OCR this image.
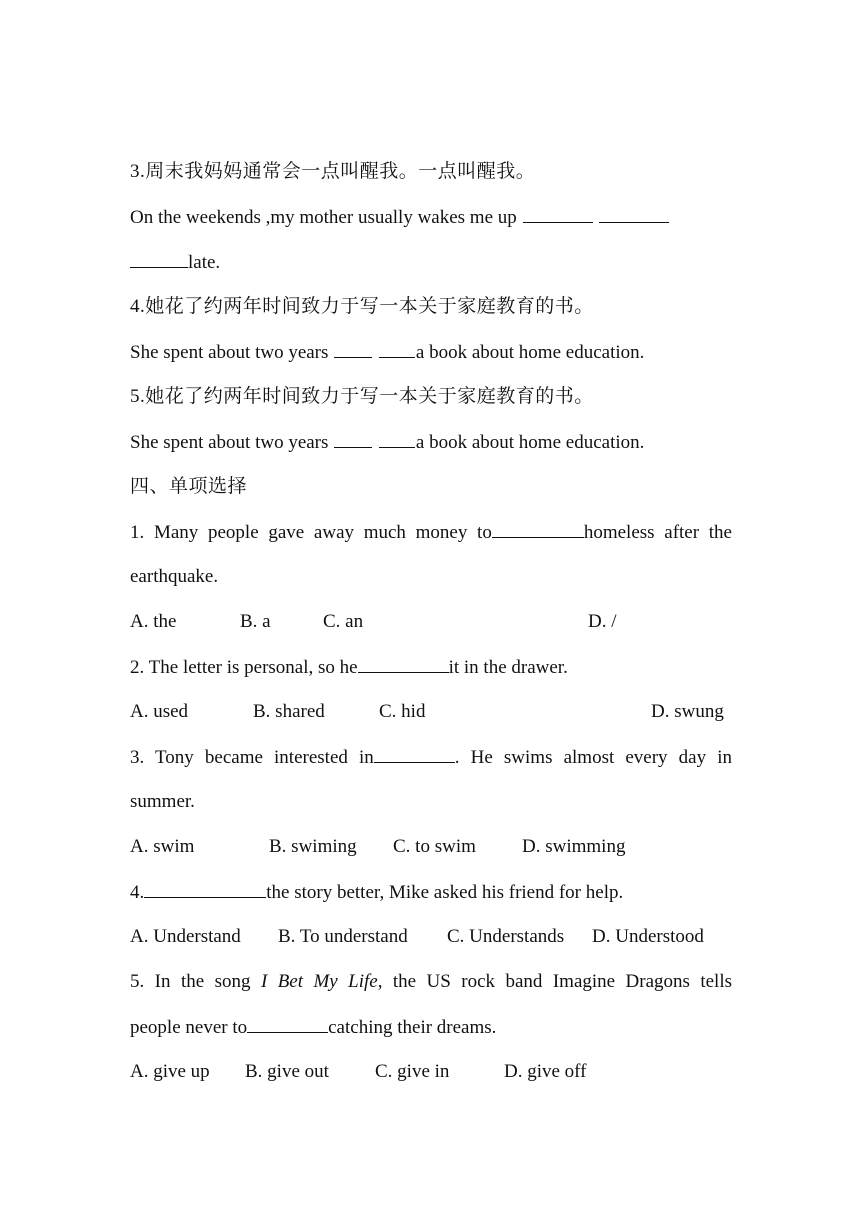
3.周末我妈妈通常会一点叫醒我。一点叫醒我。
On the weekends ,my mother usually wakes me up
late.
4.她花了约两年时间致力于写一本关于家庭教育的书。
She spent about two years	a book about home education.
5.她花了约两年时间致力于写一本关于家庭教育的书。
She spent about two years	a book about home education.
四、单项选择
1. Many people gave away much money to	homeless after the
earthquake.
A. the	B. a	C. an	D. /
2. The letter is personal, so he	it in the drawer.
A. used	B. shared	C. hid	D. swung
3. Tony became interested in	. He swims almost every day in
summer.
A. swim	B. swiming C. to swim D. swimming
4.	the story better, Mike asked his friend for help.
A. Understand B. To understand C. Understands D. Understood
5. In the song I Bet My Life, the US rock band Imagine Dragons tells
people never to	catching their dreams.
A. give up B. give out C. give in	D. give off
